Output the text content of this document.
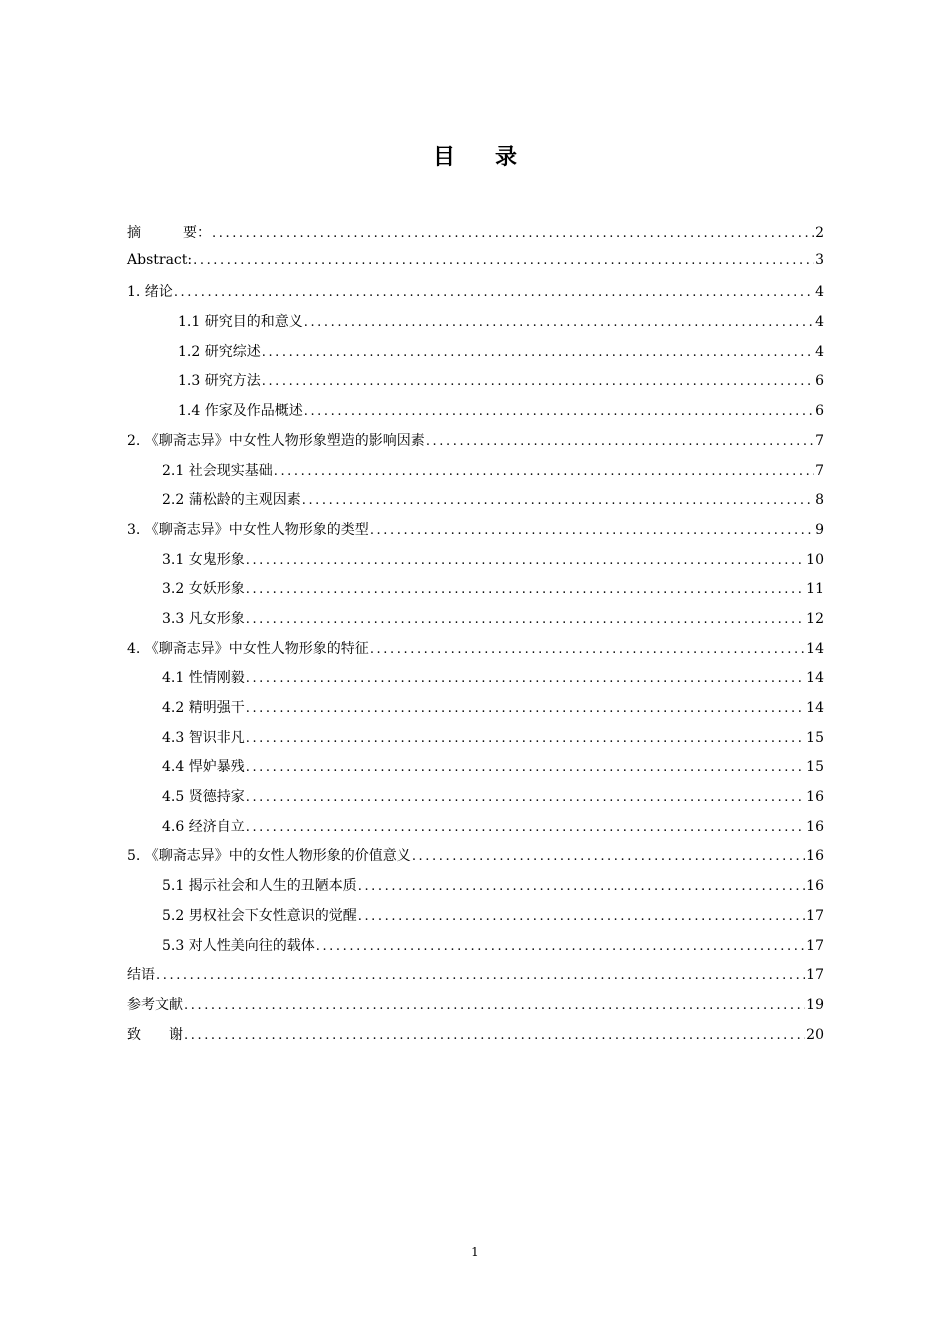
目 录
摘　　　要： .....	2
Abstract: .....	3
1. 绪论 .....	4
1.1 研究目的和意义 .....	4
1.2 研究综述 .....	4
1.3 研究方法 .....	6
1.4 作家及作品概述 .....	6
2. 《聊斋志异》中女性人物形象塑造的影响因素 .....	7
2.1 社会现实基础 .....	7
2.2 蒲松龄的主观因素 .....	8
3. 《聊斋志异》中女性人物形象的类型 .....	9
3.1 女鬼形象 .....	10
3.2 女妖形象 .....	11
3.3 凡女形象 .....	12
4. 《聊斋志异》中女性人物形象的特征 .....	14
4.1 性情刚毅 .....	14
4.2 精明强干 .....	14
4.3 智识非凡 .....	15
4.4 悍妒暴残 .....	15
4.5 贤德持家 .....	16
4.6 经济自立 .....	16
5. 《聊斋志异》中的女性人物形象的价值意义 .....	16
5.1 揭示社会和人生的丑陋本质 .....	16
5.2 男权社会下女性意识的觉醒 .....	17
5.3 对人性美向往的载体 .....	17
结语 .....	17
参考文献 .....	19
致　　谢 .....	20
1
